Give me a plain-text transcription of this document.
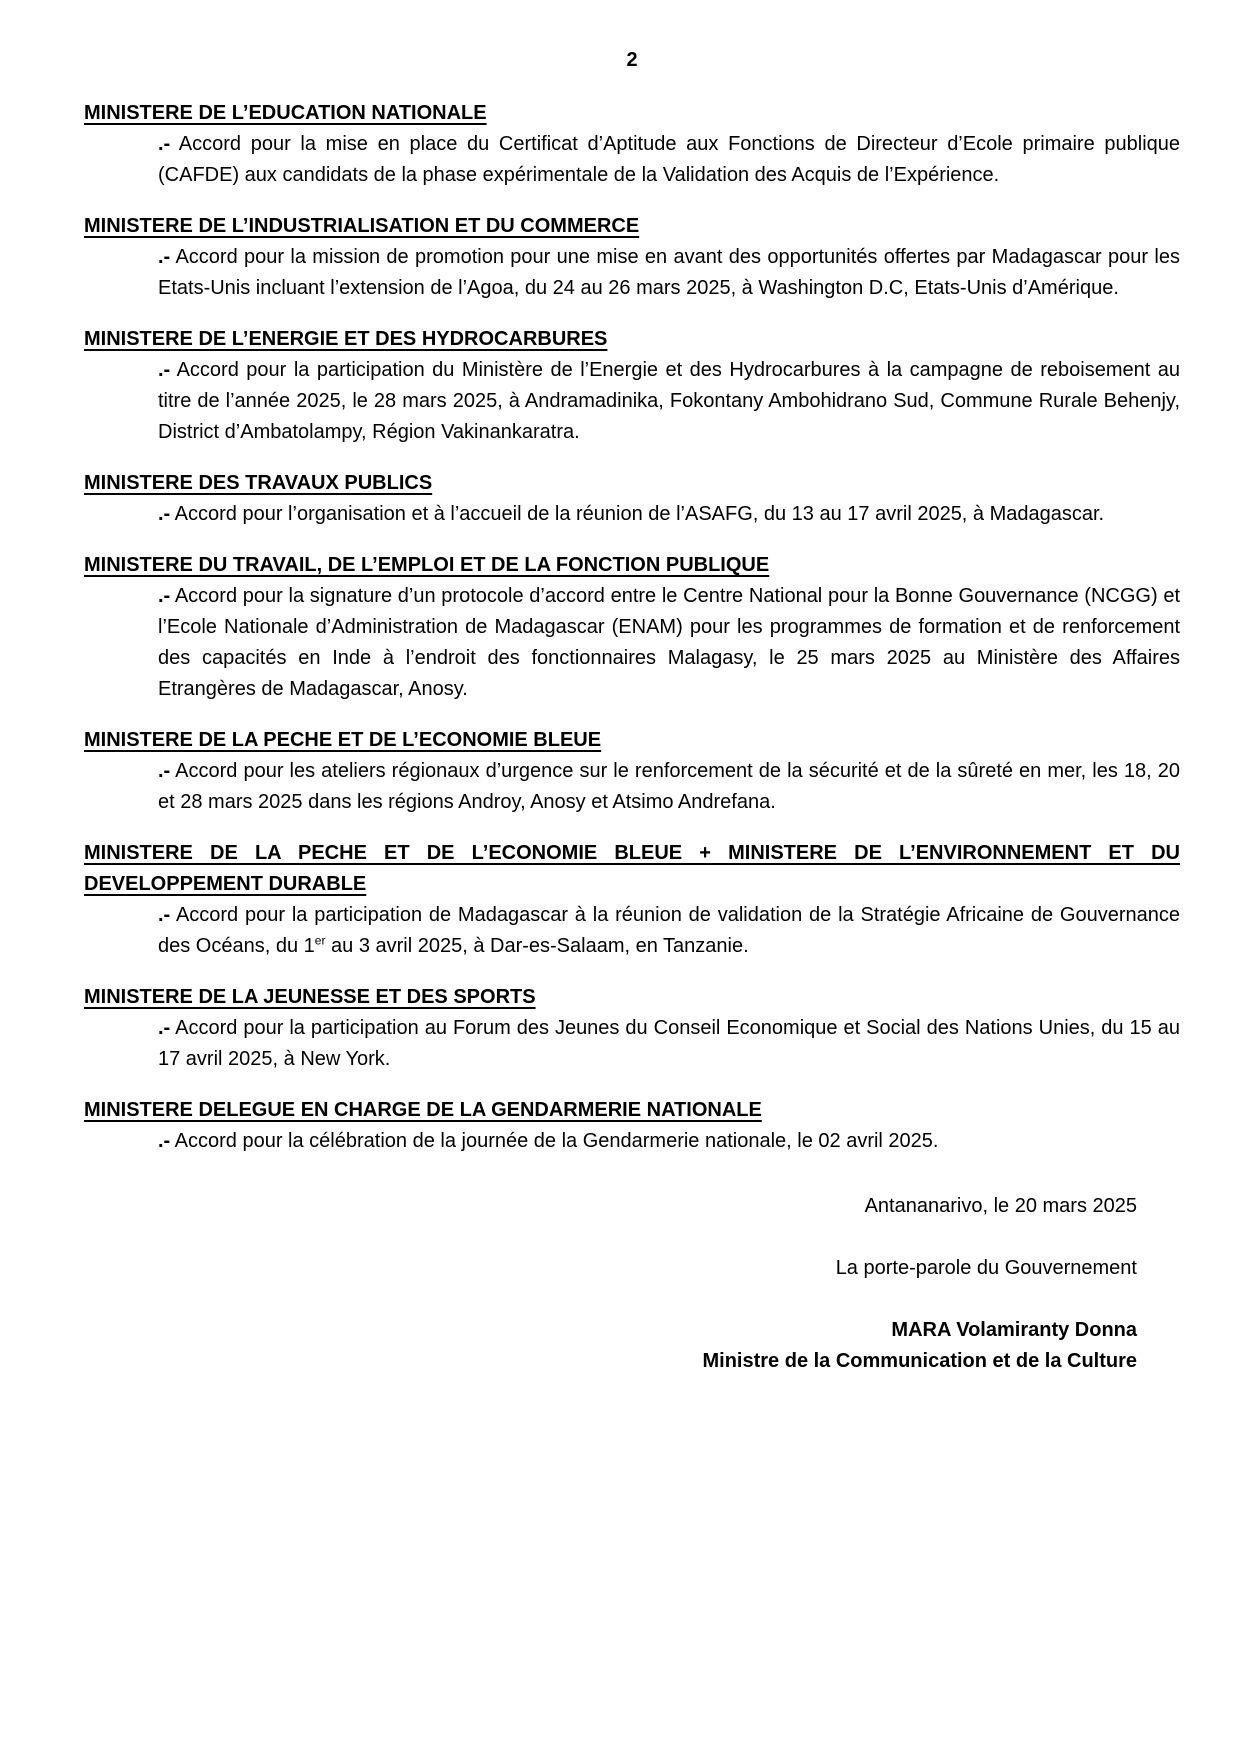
2
MINISTERE DE L’EDUCATION NATIONALE

.- Accord pour la mise en place du Certificat d’Aptitude aux Fonctions de Directeur d’Ecole primaire publique (CAFDE) aux candidats de la phase expérimentale de la Validation des Acquis de l’Expérience.

MINISTERE DE L’INDUSTRIALISATION ET DU COMMERCE

.- Accord pour la mission de promotion pour une mise en avant des opportunités offertes par Madagascar pour les Etats-Unis incluant l’extension de l’Agoa, du 24 au 26 mars 2025, à Washington D.C, Etats-Unis d’Amérique.

MINISTERE DE L’ENERGIE ET DES HYDROCARBURES

.- Accord pour la participation du Ministère de l’Energie et des Hydrocarbures à la campagne de reboisement au titre de l’année 2025, le 28 mars 2025, à Andramadinika, Fokontany Ambohidrano Sud, Commune Rurale Behenjy, District d’Ambatolampy, Région Vakinankaratra.

MINISTERE DES TRAVAUX PUBLICS

.- Accord pour l’organisation et à l’accueil de la réunion de l’ASAFG, du 13 au 17 avril 2025, à Madagascar.

MINISTERE DU TRAVAIL, DE L’EMPLOI ET DE LA FONCTION PUBLIQUE

.- Accord pour la signature d’un protocole d’accord entre le Centre National pour la Bonne Gouvernance (NCGG) et l’Ecole Nationale d’Administration de Madagascar (ENAM) pour les programmes de formation et de renforcement des capacités en Inde à l’endroit des fonctionnaires Malagasy, le 25 mars 2025 au Ministère des Affaires Etrangères de Madagascar, Anosy.

MINISTERE DE LA PECHE ET DE L’ECONOMIE BLEUE

.- Accord pour les ateliers régionaux d’urgence sur le renforcement de la sécurité et de la sûreté en mer, les 18, 20 et 28 mars 2025 dans les régions Androy, Anosy et Atsimo Andrefana.

MINISTERE DE LA PECHE ET DE L’ECONOMIE BLEUE + MINISTERE DE L’ENVIRONNEMENT ET DU DEVELOPPEMENT DURABLE

.- Accord pour la participation de Madagascar à la réunion de validation de la Stratégie Africaine de Gouvernance des Océans, du 1er au 3 avril 2025, à Dar-es-Salaam, en Tanzanie.

MINISTERE DE LA JEUNESSE ET DES SPORTS

.- Accord pour la participation au Forum des Jeunes du Conseil Economique et Social des Nations Unies, du 15 au 17 avril 2025, à New York.

MINISTERE DELEGUE EN CHARGE DE LA GENDARMERIE NATIONALE

.- Accord pour la célébration de la journée de la Gendarmerie nationale, le 02 avril 2025.

Antananarivo, le 20 mars 2025

La porte-parole du Gouvernement

MARA Volamiranty Donna

Ministre de la Communication et de la Culture
